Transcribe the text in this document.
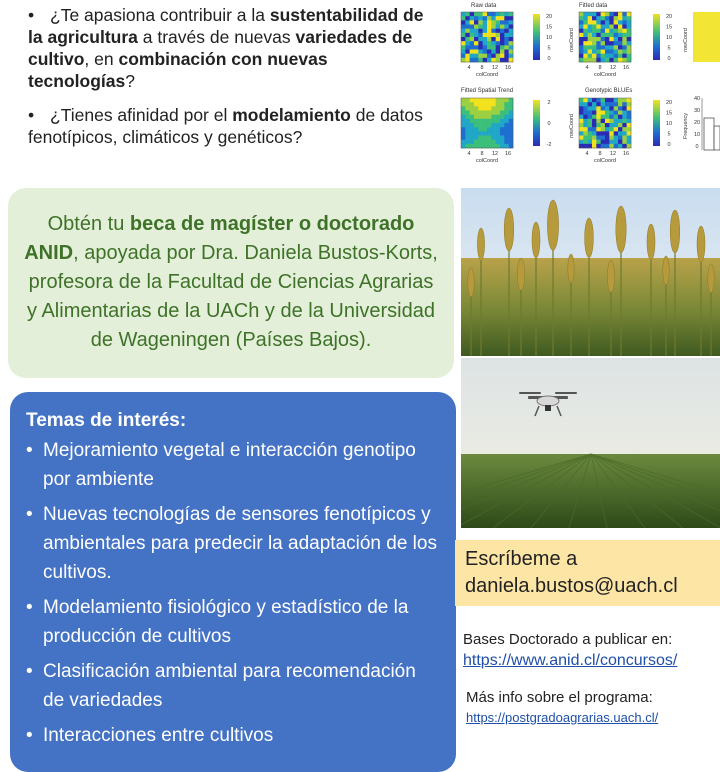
• ¿Te apasiona contribuir a la sustentabilidad de la agricultura a través de nuevas variedades de cultivo, en combinación con nuevas tecnologías?
• ¿Tienes afinidad por el modelamiento de datos fenotípicos, climáticos y genéticos?
Raw data
20
15
10
5
0
Fitted data
rowCoord
20
15
10
5
0
rowCoord
4	4
8	8
12	12
16	16
colCoord	colCoord
Fitted Spatial Trend
2
0
-2
Genotypic BLUEs
rowCoord
20
15
10
5
0
Frequency
40
30
20
10
0
4	4
8	8
12	12
16	16
colCoord	colCoord
Obtén tu beca de magíster o doctorado ANID, apoyada por Dra. Daniela Bustos-Korts, profesora de la Facultad de Ciencias Agrarias y Alimentarias de la UACh y de la Universidad de Wageningen (Países Bajos).
Temas de interés:
• Mejoramiento vegetal e interacción genotipo por ambiente
• Nuevas tecnologías de sensores fenotípicos y ambientales para predecir la adaptación de los cultivos.
• Modelamiento fisiológico y estadístico de la producción de cultivos
• Clasificación ambiental para recomendación de variedades
• Interacciones entre cultivos
Escríbeme a
daniela.bustos@uach.cl
Bases Doctorado a publicar en:
https://www.anid.cl/concursos/
Más info sobre el programa:
https://postgradoagrarias.uach.cl/
